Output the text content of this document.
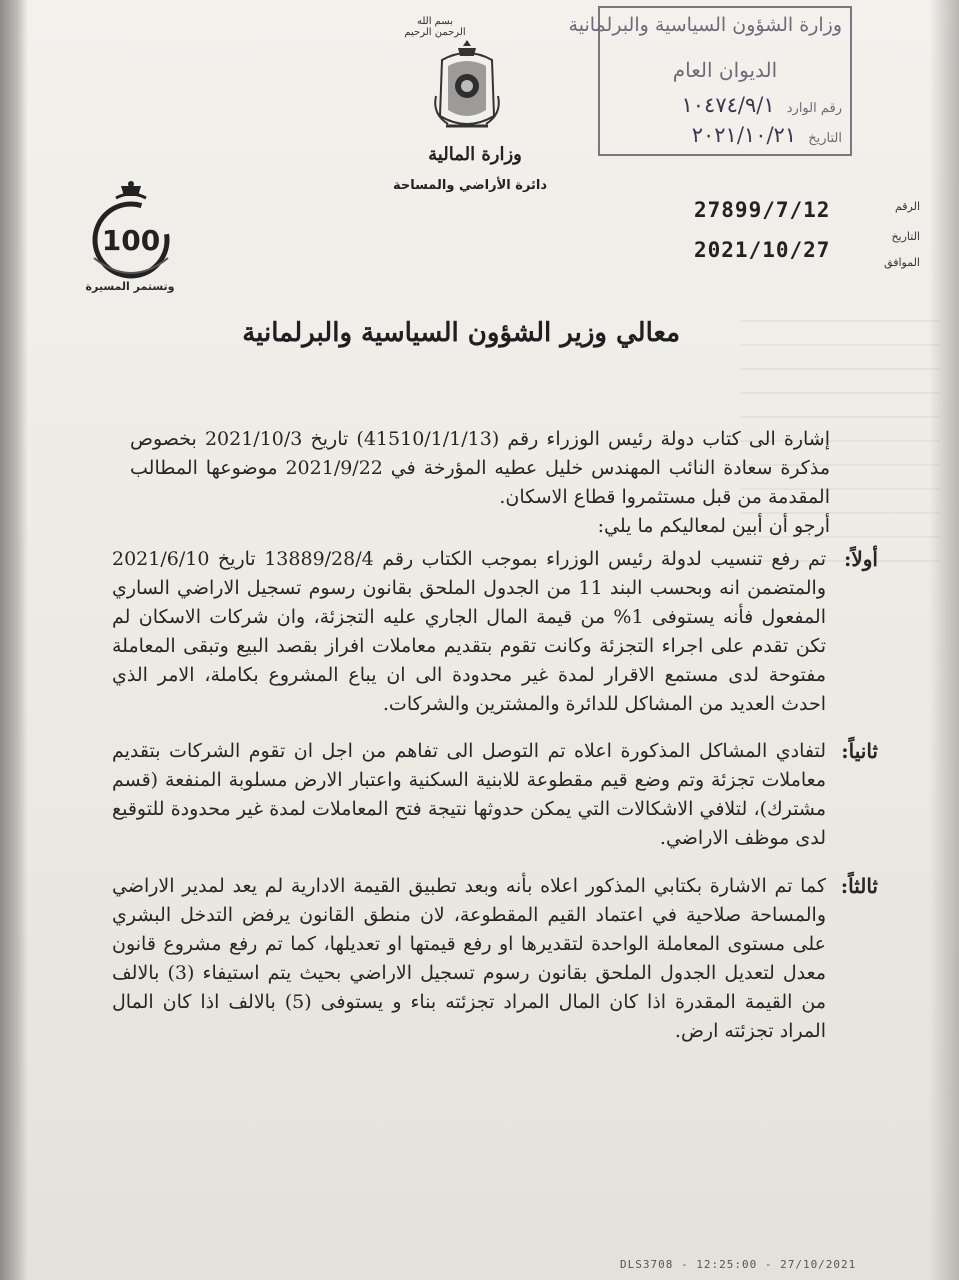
وزارة الشؤون السياسية والبرلمانية
الديوان العام
رقم الوارد ١٠٤٧٤/٩/١
التاريخ ٢٠٢١/١٠/٢١
بسم الله الرحمن الرحيم
وزارة المالية
دائرة الأراضي والمساحة
100
وتستمر المسيرة
27899/7/12	الرقم
2021/10/27
التاريخ
الموافق
معالي وزير الشؤون السياسية والبرلمانية

إشارة الى كتاب دولة رئيس الوزراء رقم (41510/1/1/13) تاريخ 2021/10/3 بخصوص مذكرة سعادة النائب المهندس خليل عطيه المؤرخة في 2021/9/22 موضوعها المطالب المقدمة من قبل مستثمروا قطاع الاسكان.

أرجو أن أبين لمعاليكم ما يلي:

أولاً:
تم رفع تنسيب لدولة رئيس الوزراء بموجب الكتاب رقم 13889/28/4 تاريخ 2021/6/10 والمتضمن انه وبحسب البند 11 من الجدول الملحق بقانون رسوم تسجيل الاراضي الساري المفعول فأنه يستوفى 1% من قيمة المال الجاري عليه التجزئة، وان شركات الاسكان لم تكن تقدم على اجراء التجزئة وكانت تقوم بتقديم معاملات افراز بقصد البيع وتبقى المعاملة مفتوحة لدى مستمع الاقرار لمدة غير محدودة الى ان يباع المشروع بكاملة، الامر الذي احدث العديد من المشاكل للدائرة والمشترين والشركات.
ثانياً:
لتفادي المشاكل المذكورة اعلاه تم التوصل الى تفاهم من اجل ان تقوم الشركات بتقديم معاملات تجزئة وتم وضع قيم مقطوعة للابنية السكنية واعتبار الارض مسلوبة المنفعة (قسم مشترك)، لتلافي الاشكالات التي يمكن حدوثها نتيجة فتح المعاملات لمدة غير محدودة للتوقيع لدى موظف الاراضي.
ثالثاً:
كما تم الاشارة بكتابي المذكور اعلاه بأنه وبعد تطبيق القيمة الادارية لم يعد لمدير الاراضي والمساحة صلاحية في اعتماد القيم المقطوعة، لان منطق القانون يرفض التدخل البشري على مستوى المعاملة الواحدة لتقديرها او رفع قيمتها او تعديلها، كما تم رفع مشروع قانون معدل لتعديل الجدول الملحق بقانون رسوم تسجيل الاراضي بحيث يتم استيفاء (3) بالالف من القيمة المقدرة اذا كان المال المراد تجزئته بناء و يستوفى (5) بالالف اذا كان المال المراد تجزئته ارض.
DLS3708 - 12:25:00 - 27/10/2021
